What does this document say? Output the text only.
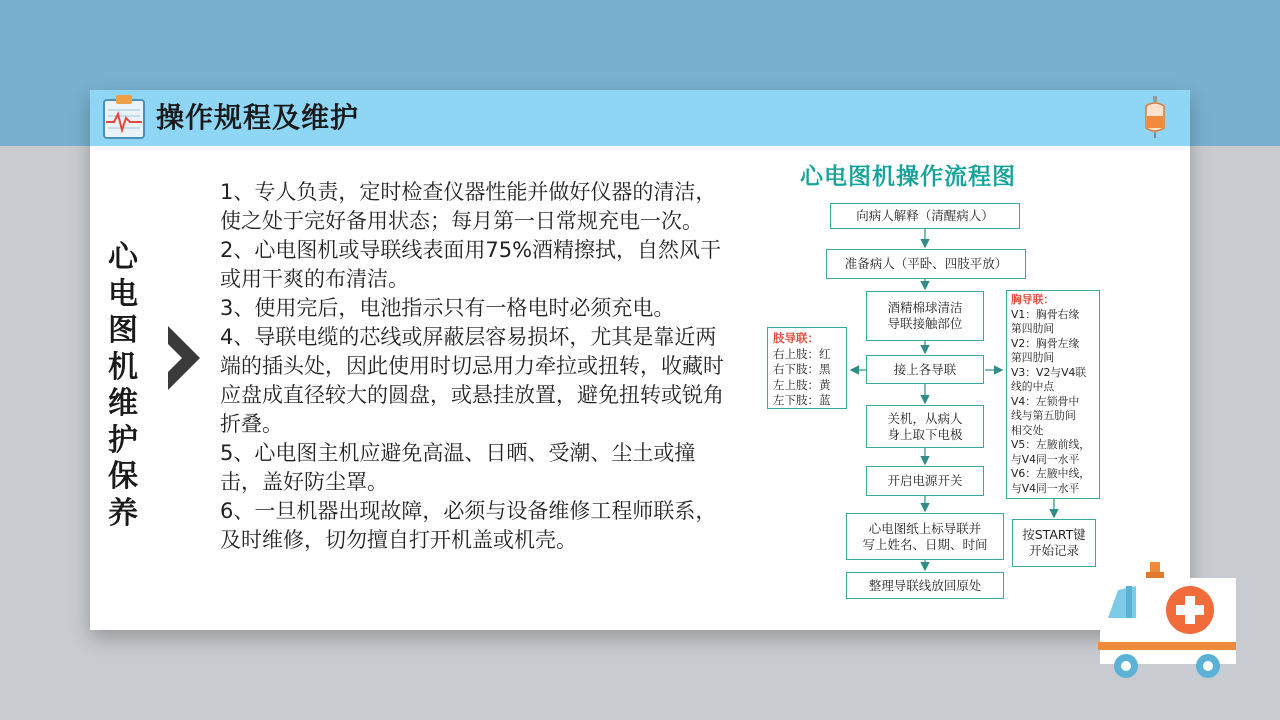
操作规程及维护
心电图机维护保养

1、专人负责，定时检查仪器性能并做好仪器的清洁，使之处于完好备用状态；每月第一日常规充电一次。

2、心电图机或导联线表面用75%酒精擦拭，自然风干或用干爽的布清洁。

3、使用完后，电池指示只有一格电时必须充电。

4、导联电缆的芯线或屏蔽层容易损坏，尤其是靠近两端的插头处，因此使用时切忌用力牵拉或扭转，收藏时应盘成直径较大的圆盘，或悬挂放置，避免扭转或锐角折叠。

5、心电图主机应避免高温、日晒、受潮、尘土或撞击，盖好防尘罩。

6、一旦机器出现故障，必须与设备维修工程师联系，及时维修，切勿擅自打开机盖或机壳。

心电图机操作流程图
向病人解释（清醒病人）
准备病人（平卧、四肢平放）
酒精棉球清洁
导联接触部位
接上各导联
关机，从病人
身上取下电极
开启电源开关
心电图纸上标导联并
写上姓名、日期、时间
整理导联线放回原处
肢导联：
右上肢：红
右下肢：黑
左上肢：黄
左下肢：蓝
胸导联：
V1：胸骨右缘
第四肋间
V2：胸骨左缘
第四肋间
V3：V2与V4联
线的中点
V4：左锁骨中
线与第五肋间
相交处
V5：左腋前线，
与V4同一水平
V6：左腋中线，
与V4同一水平
按START键
开始记录
